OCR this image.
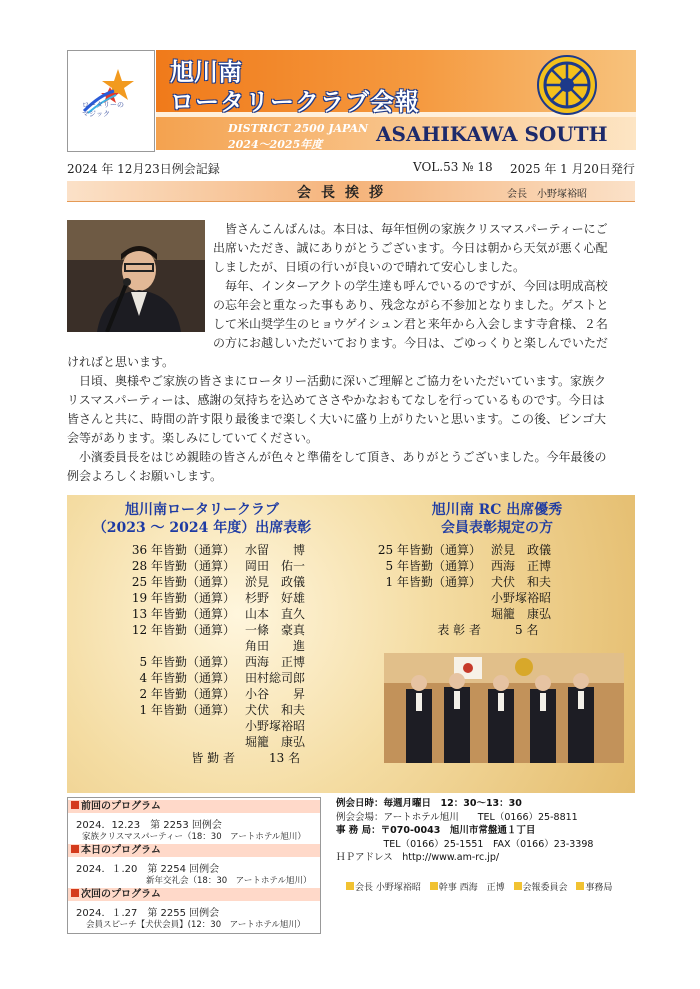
ロータリーの
マジック
旭川南
ロータリークラブ会報
DISTRICT 2500 JAPAN
2024～2025年度	ASAHIKAWA SOUTH
2024 年 12月23日例会記録	VOL.53 № 18 2025 年 1 月20日発行
会長挨拶	会長　小野塚裕昭
　皆さんこんばんは。本日は、毎年恒例の家族クリスマスパーティーにご
出席いただき、誠にありがとうございます。今日は朝から天気が悪く心配
しましたが、日頃の行いが良いので晴れて安心しました。
　毎年、インターアクトの学生達も呼んでいるのですが、今回は明成高校
の忘年会と重なった事もあり、残念ながら不参加となりました。ゲストと
して米山奨学生のヒョウゲイシュン君と来年から入会します寺倉様、２名
の方にお越しいただいております。今日は、ごゆっくりと楽しんでいただ
ければと思います。
　日頃、奥様やご家族の皆さまにロータリー活動に深いご理解とご協力をいただいています。家族ク
リスマスパーティーは、感謝の気持ちを込めてささやかなおもてなしを行っているものです。今日は
皆さんと共に、時間の許す限り最後まで楽しく大いに盛り上がりたいと思います。この後、ビンゴ大
会等があります。楽しみにしていてください。
　小濱委員長をはじめ親睦の皆さんが色々と準備をして頂き、ありがとうございました。今年最後の
例会よろしくお願いします。
旭川南ロータリークラブ
（2023 ～ 2024 年度）出席表彰
36 年皆勤（通算） 水留　　博
28 年皆勤（通算） 岡田　佑一
25 年皆勤（通算） 淤見　政儀
19 年皆勤（通算） 杉野　好雄
13 年皆勤（通算） 山本　直久
12 年皆勤（通算） 一條　豪真
角田　　進
5 年皆勤（通算） 西海　正博
4 年皆勤（通算） 田村総司郎
2 年皆勤（通算） 小谷　　昇
1 年皆勤（通算） 犬伏　和夫
小野塚裕昭
堀籠　康弘
皆 勤 者	13 名
旭川南 RC 出席優秀
会員表彰規定の方
25 年皆勤（通算） 淤見　政儀
5 年皆勤（通算） 西海　正博
1 年皆勤（通算） 犬伏　和夫
小野塚裕昭
堀籠　康弘
表 彰 者	5 名
前回のプログラム
2024．12.23　第 2253 回例会
家族クリスマスパーティー（18：30　アートホテル旭川）
本日のプログラム
2024．１.20　第 2254 回例会
新年交礼会（18：30　アートホテル旭川）
次回のプログラム
2024．１.27　第 2255 回例会
会員スピーチ【犬伏会員】(12：30　アートホテル旭川）
例会日時：毎週月曜日　12：30～13：30
例会会場：アートホテル旭川　　TEL（0166）25-8811
事 務 局：〒070-0043　旭川市常盤通１丁目
　　　　　TEL（0166）25-1551　FAX（0166）23-3398
ＨＰアドレス　http://www.am-rc.jp/
会長 小野塚裕昭 幹事 西海　正博 会報委員会 事務局
